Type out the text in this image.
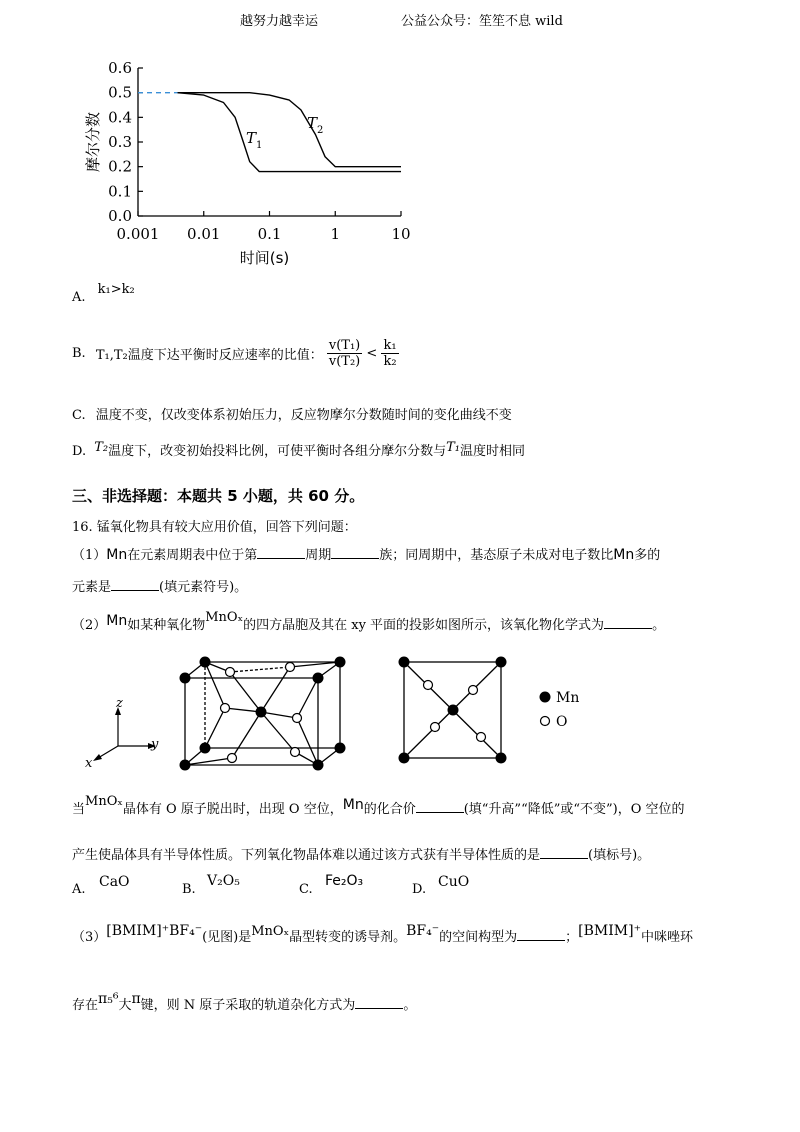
越努力越幸运	公益公众号：笙笙不息 wild
0.0
0.1
0.2
0.3
0.4
0.5
0.6
0.001 0.01 0.1	1	10
时间(s)
摩尔分数	T 1
T 2
A. k₁>k₂
B. T₁,T₂温度下达平衡时反应速率的比值： $\frac{\text{v(T₁)}}{\text{v(T₂)}} < \frac{\text{k₁}}{\text{k₂}}$
C. 温度不变，仅改变体系初始压力，反应物摩尔分数随时间的变化曲线不变
D. T₂温度下，改变初始投料比例，可使平衡时各组分摩尔分数与T₁温度时相同
三、非选择题：本题共 5 小题，共 60 分。
16. 锰氧化物具有较大应用价值，回答下列问题：
（1）Mn在元素周期表中位于第	周期	族；同周期中，基态原子未成对电子数比Mn多的
元素是	(填元素符号)。
（2）Mn如某种氧化物MnOₓ的四方晶胞及其在 xy 平面的投影如图所示，该氧化物化学式为	。
z
y
x
Mn
O
当MnOₓ晶体有 O 原子脱出时，出现 O 空位，Mn的化合价	(填“升高”“降低”或“不变”)，O 空位的
产生使晶体具有半导体性质。下列氧化物晶体难以通过该方式获有半导体性质的是	(填标号)。
A. CaO	B.
V₂O₅
C.
Fe₂O₃
D. CuO
（3）[BMIM]⁺BF₄⁻(见图)是MnOₓ晶型转变的诱导剂。BF₄⁻的空间构型为	；[BMIM]⁺中咪唑环
存在π₅⁶大π键，则 N 原子采取的轨道杂化方式为	。
